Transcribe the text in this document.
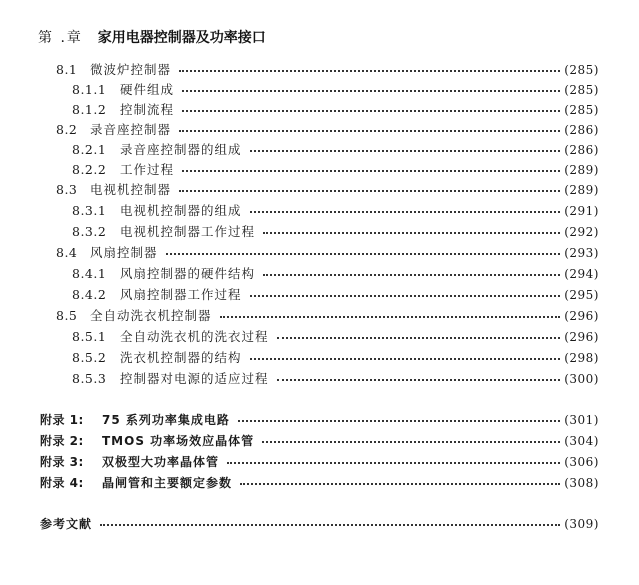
第 .章 家用电器控制器及功率接口
8.1	微波炉控制器	(285)
8.1.1	硬件组成	(285)
8.1.2	控制流程	(285)
8.2	录音座控制器	(286)
8.2.1	录音座控制器的组成	(286)
8.2.2	工作过程	(289)
8.3	电视机控制器	(289)
8.3.1	电视机控制器的组成	(291)
8.3.2	电视机控制器工作过程	(292)
8.4	风扇控制器	(293)
8.4.1	风扇控制器的硬件结构	(294)
8.4.2	风扇控制器工作过程	(295)
8.5	全自动洗衣机控制器	(296)
8.5.1	全自动洗衣机的洗衣过程	(296)
8.5.2	洗衣机控制器的结构	(298)
8.5.3	控制器对电源的适应过程	(300)
附录 1:	75 系列功率集成电路	(301)
附录 2:	TMOS 功率场效应晶体管	(304)
附录 3:	双极型大功率晶体管	(306)
附录 4:	晶闸管和主要额定参数	(308)
参考文献	(309)
